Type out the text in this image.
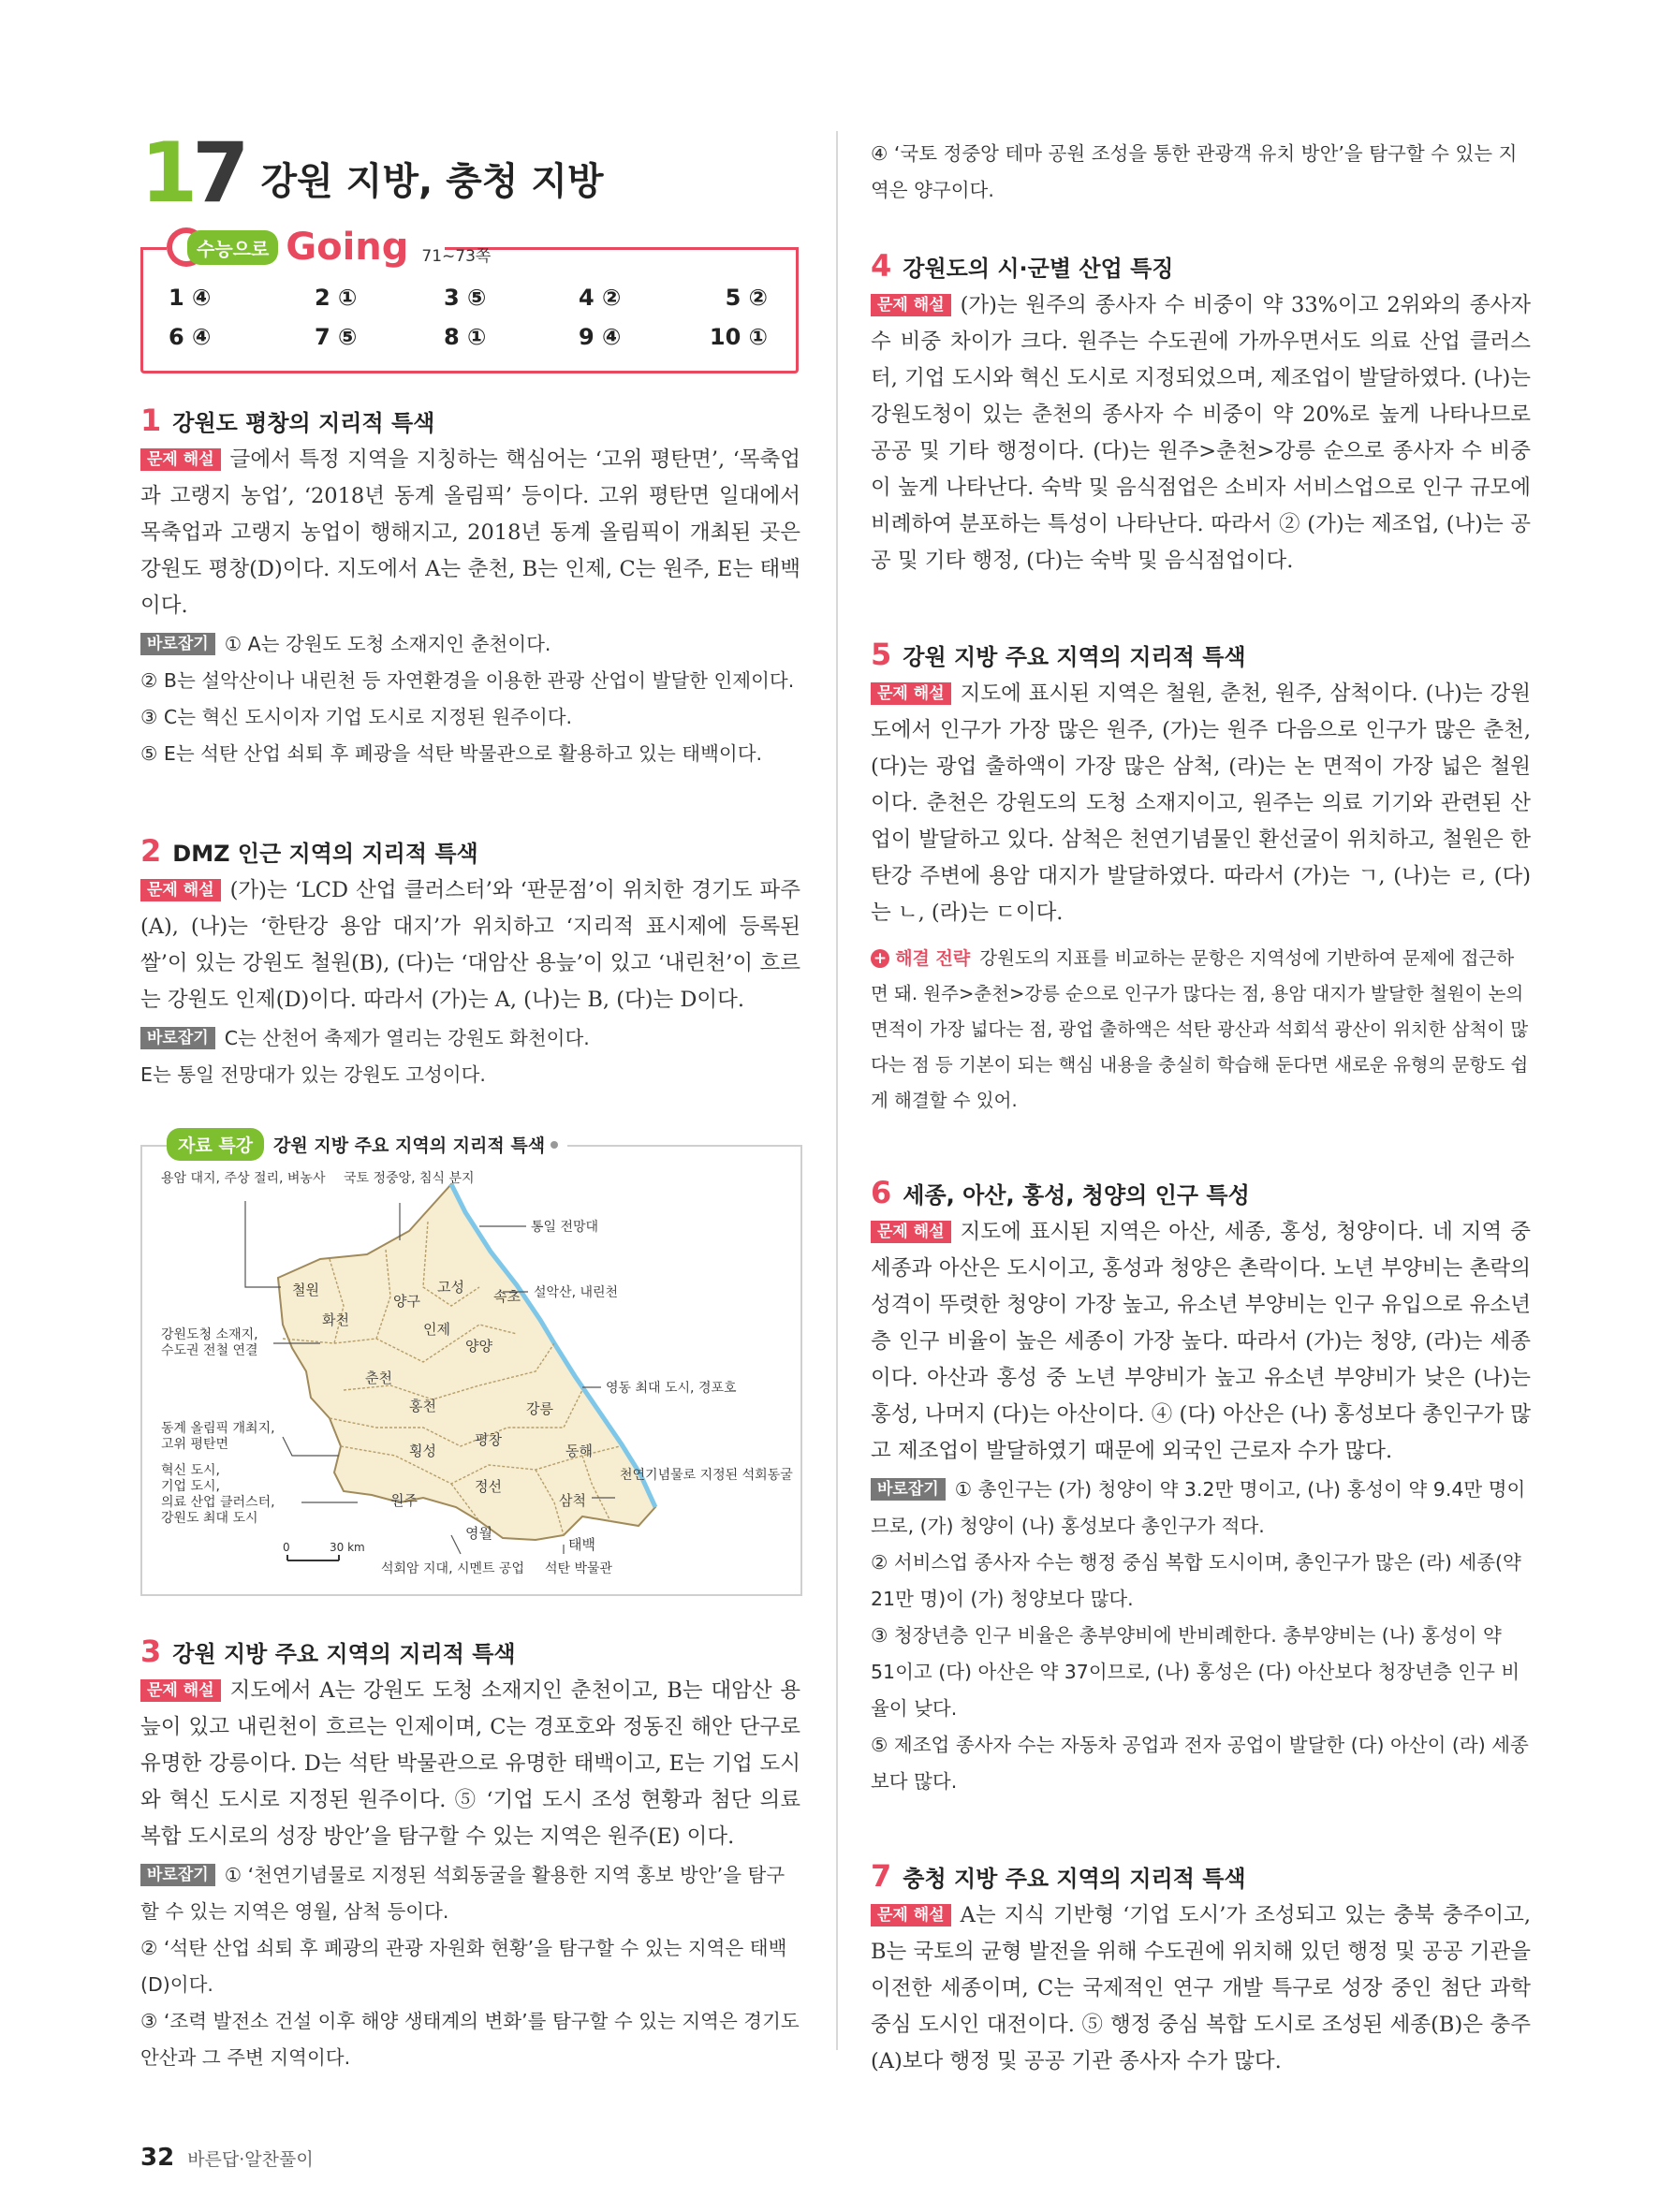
17 강원 지방, 충청 지방
수능으로 Going 71~73쪽
1 ④	2 ①	3 ⑤	4 ②	5 ②
6 ④	7 ⑤	8 ①	9 ④	10 ①
1 강원도 평창의 지리적 특색

문제 해설 글에서 특정 지역을 지칭하는 핵심어는 ‘고위 평탄면’, ‘목축업과 고랭지 농업’, ‘2018년 동계 올림픽’ 등이다. 고위 평탄면 일대에서 목축업과 고랭지 농업이 행해지고, 2018년 동계 올림픽이 개최된 곳은 강원도 평창(D)이다. 지도에서 A는 춘천, B는 인제, C는 원주, E는 태백이다.

바로잡기 ① A는 강원도 도청 소재지인 춘천이다.

② B는 설악산이나 내린천 등 자연환경을 이용한 관광 산업이 발달한 인제이다.

③ C는 혁신 도시이자 기업 도시로 지정된 원주이다.

⑤ E는 석탄 산업 쇠퇴 후 폐광을 석탄 박물관으로 활용하고 있는 태백이다.

2 DMZ 인근 지역의 지리적 특색

문제 해설 (가)는 ‘LCD 산업 클러스터’와 ‘판문점’이 위치한 경기도 파주(A), (나)는 ‘한탄강 용암 대지’가 위치하고 ‘지리적 표시제에 등록된 쌀’이 있는 강원도 철원(B), (다)는 ‘대암산 용늪’이 있고 ‘내린천’이 흐르는 강원도 인제(D)이다. 따라서 (가)는 A, (나)는 B, (다)는 D이다.

바로잡기 C는 산천어 축제가 열리는 강원도 화천이다.

E는 통일 전망대가 있는 강원도 고성이다.

3 강원 지방 주요 지역의 지리적 특색

문제 해설 지도에서 A는 강원도 도청 소재지인 춘천이고, B는 대암산 용늪이 있고 내린천이 흐르는 인제이며, C는 경포호와 정동진 해안 단구로 유명한 강릉이다. D는 석탄 박물관으로 유명한 태백이고, E는 기업 도시와 혁신 도시로 지정된 원주이다. ⑤ ‘기업 도시 조성 현황과 첨단 의료 복합 도시로의 성장 방안’을 탐구할 수 있는 지역은 원주(E) 이다.

바로잡기 ① ‘천연기념물로 지정된 석회동굴을 활용한 지역 홍보 방안’을 탐구할 수 있는 지역은 영월, 삼척 등이다.

② ‘석탄 산업 쇠퇴 후 폐광의 관광 자원화 현황’을 탐구할 수 있는 지역은 태백(D)이다.

③ ‘조력 발전소 건설 이후 해양 생태계의 변화’를 탐구할 수 있는 지역은 경기도 안산과 그 주변 지역이다.

자료 특강	강원 지방 주요 지역의 지리적 특색
철원
화천
양구
고성
속초
인제
양양
춘천
홍천	강릉
횡성
평창
동해
원주
정선
삼척
영월
태백
용암 대지, 주상 절리, 벼농사 국토 정중앙, 침식 분지
통일 전망대
설악산, 내린천
강원도청 소재지, 수도권 전철 연결
영동 최대 도시, 경포호
동계 올림픽 개최지, 고위 평탄면
혁신 도시, 기업 도시, 의료 산업 클러스터, 강원도 최대 도시
천연기념물로 지정된 석회동굴
석회암 지대, 시멘트 공업 석탄 박물관
0	30 km

④ ‘국토 정중앙 테마 공원 조성을 통한 관광객 유치 방안’을 탐구할 수 있는 지역은 양구이다.

4 강원도의 시·군별 산업 특징

문제 해설 (가)는 원주의 종사자 수 비중이 약 33%이고 2위와의 종사자 수 비중 차이가 크다. 원주는 수도권에 가까우면서도 의료 산업 클러스터, 기업 도시와 혁신 도시로 지정되었으며, 제조업이 발달하였다. (나)는 강원도청이 있는 춘천의 종사자 수 비중이 약 20%로 높게 나타나므로 공공 및 기타 행정이다. (다)는 원주>춘천>강릉 순으로 종사자 수 비중이 높게 나타난다. 숙박 및 음식점업은 소비자 서비스업으로 인구 규모에 비례하여 분포하는 특성이 나타난다. 따라서 ② (가)는 제조업, (나)는 공공 및 기타 행정, (다)는 숙박 및 음식점업이다.

5 강원 지방 주요 지역의 지리적 특색

문제 해설 지도에 표시된 지역은 철원, 춘천, 원주, 삼척이다. (나)는 강원도에서 인구가 가장 많은 원주, (가)는 원주 다음으로 인구가 많은 춘천, (다)는 광업 출하액이 가장 많은 삼척, (라)는 논 면적이 가장 넓은 철원이다. 춘천은 강원도의 도청 소재지이고, 원주는 의료 기기와 관련된 산업이 발달하고 있다. 삼척은 천연기념물인 환선굴이 위치하고, 철원은 한탄강 주변에 용암 대지가 발달하였다. 따라서 (가)는 ㄱ, (나)는 ㄹ, (다)는 ㄴ, (라)는 ㄷ이다.

+ 해결 전략 강원도의 지표를 비교하는 문항은 지역성에 기반하여 문제에 접근하면 돼. 원주>춘천>강릉 순으로 인구가 많다는 점, 용암 대지가 발달한 철원이 논의 면적이 가장 넓다는 점, 광업 출하액은 석탄 광산과 석회석 광산이 위치한 삼척이 많다는 점 등 기본이 되는 핵심 내용을 충실히 학습해 둔다면 새로운 유형의 문항도 쉽게 해결할 수 있어.

6 세종, 아산, 홍성, 청양의 인구 특성

문제 해설 지도에 표시된 지역은 아산, 세종, 홍성, 청양이다. 네 지역 중 세종과 아산은 도시이고, 홍성과 청양은 촌락이다. 노년 부양비는 촌락의 성격이 뚜렷한 청양이 가장 높고, 유소년 부양비는 인구 유입으로 유소년층 인구 비율이 높은 세종이 가장 높다. 따라서 (가)는 청양, (라)는 세종이다. 아산과 홍성 중 노년 부양비가 높고 유소년 부양비가 낮은 (나)는 홍성, 나머지 (다)는 아산이다. ④ (다) 아산은 (나) 홍성보다 총인구가 많고 제조업이 발달하였기 때문에 외국인 근로자 수가 많다.

바로잡기 ① 총인구는 (가) 청양이 약 3.2만 명이고, (나) 홍성이 약 9.4만 명이므로, (가) 청양이 (나) 홍성보다 총인구가 적다.

② 서비스업 종사자 수는 행정 중심 복합 도시이며, 총인구가 많은 (라) 세종(약 21만 명)이 (가) 청양보다 많다.

③ 청장년층 인구 비율은 총부양비에 반비례한다. 총부양비는 (나) 홍성이 약 51이고 (다) 아산은 약 37이므로, (나) 홍성은 (다) 아산보다 청장년층 인구 비율이 낮다.

⑤ 제조업 종사자 수는 자동차 공업과 전자 공업이 발달한 (다) 아산이 (라) 세종보다 많다.

7 충청 지방 주요 지역의 지리적 특색

문제 해설 A는 지식 기반형 ‘기업 도시’가 조성되고 있는 충북 충주이고, B는 국토의 균형 발전을 위해 수도권에 위치해 있던 행정 및 공공 기관을 이전한 세종이며, C는 국제적인 연구 개발 특구로 성장 중인 첨단 과학 중심 도시인 대전이다. ⑤ 행정 중심 복합 도시로 조성된 세종(B)은 충주(A)보다 행정 및 공공 기관 종사자 수가 많다.

32 바른답·알찬풀이
